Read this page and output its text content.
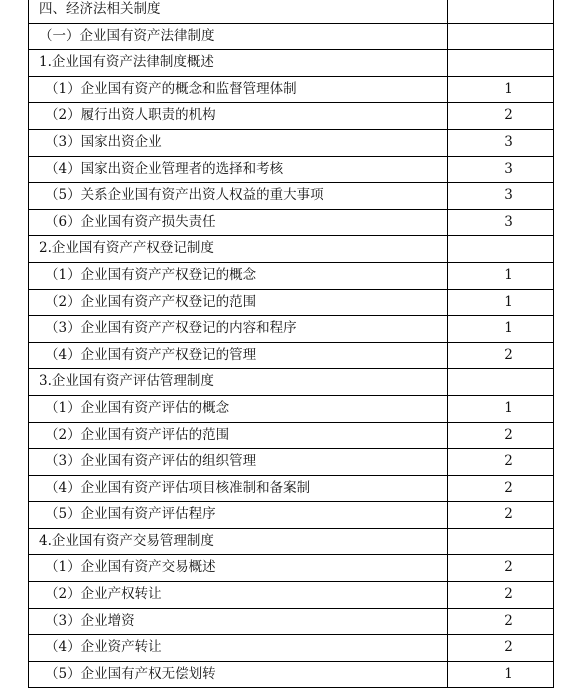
四、经济法相关制度	
（一）企业国有资产法律制度	
1.企业国有资产法律制度概述	
（1）企业国有资产的概念和监督管理体制	1
（2）履行出资人职责的机构	2
（3）国家出资企业	3
（4）国家出资企业管理者的选择和考核	3
（5）关系企业国有资产出资人权益的重大事项	3
（6）企业国有资产损失责任	3
2.企业国有资产产权登记制度	
（1）企业国有资产产权登记的概念	1
（2）企业国有资产产权登记的范围	1
（3）企业国有资产产权登记的内容和程序	1
（4）企业国有资产产权登记的管理	2
3.企业国有资产评估管理制度	
（1）企业国有资产评估的概念	1
（2）企业国有资产评估的范围	2
（3）企业国有资产评估的组织管理	2
（4）企业国有资产评估项目核准制和备案制	2
（5）企业国有资产评估程序	2
4.企业国有资产交易管理制度	
（1）企业国有资产交易概述	2
（2）企业产权转让	2
（3）企业增资	2
（4）企业资产转让	2
（5）企业国有产权无偿划转	1
